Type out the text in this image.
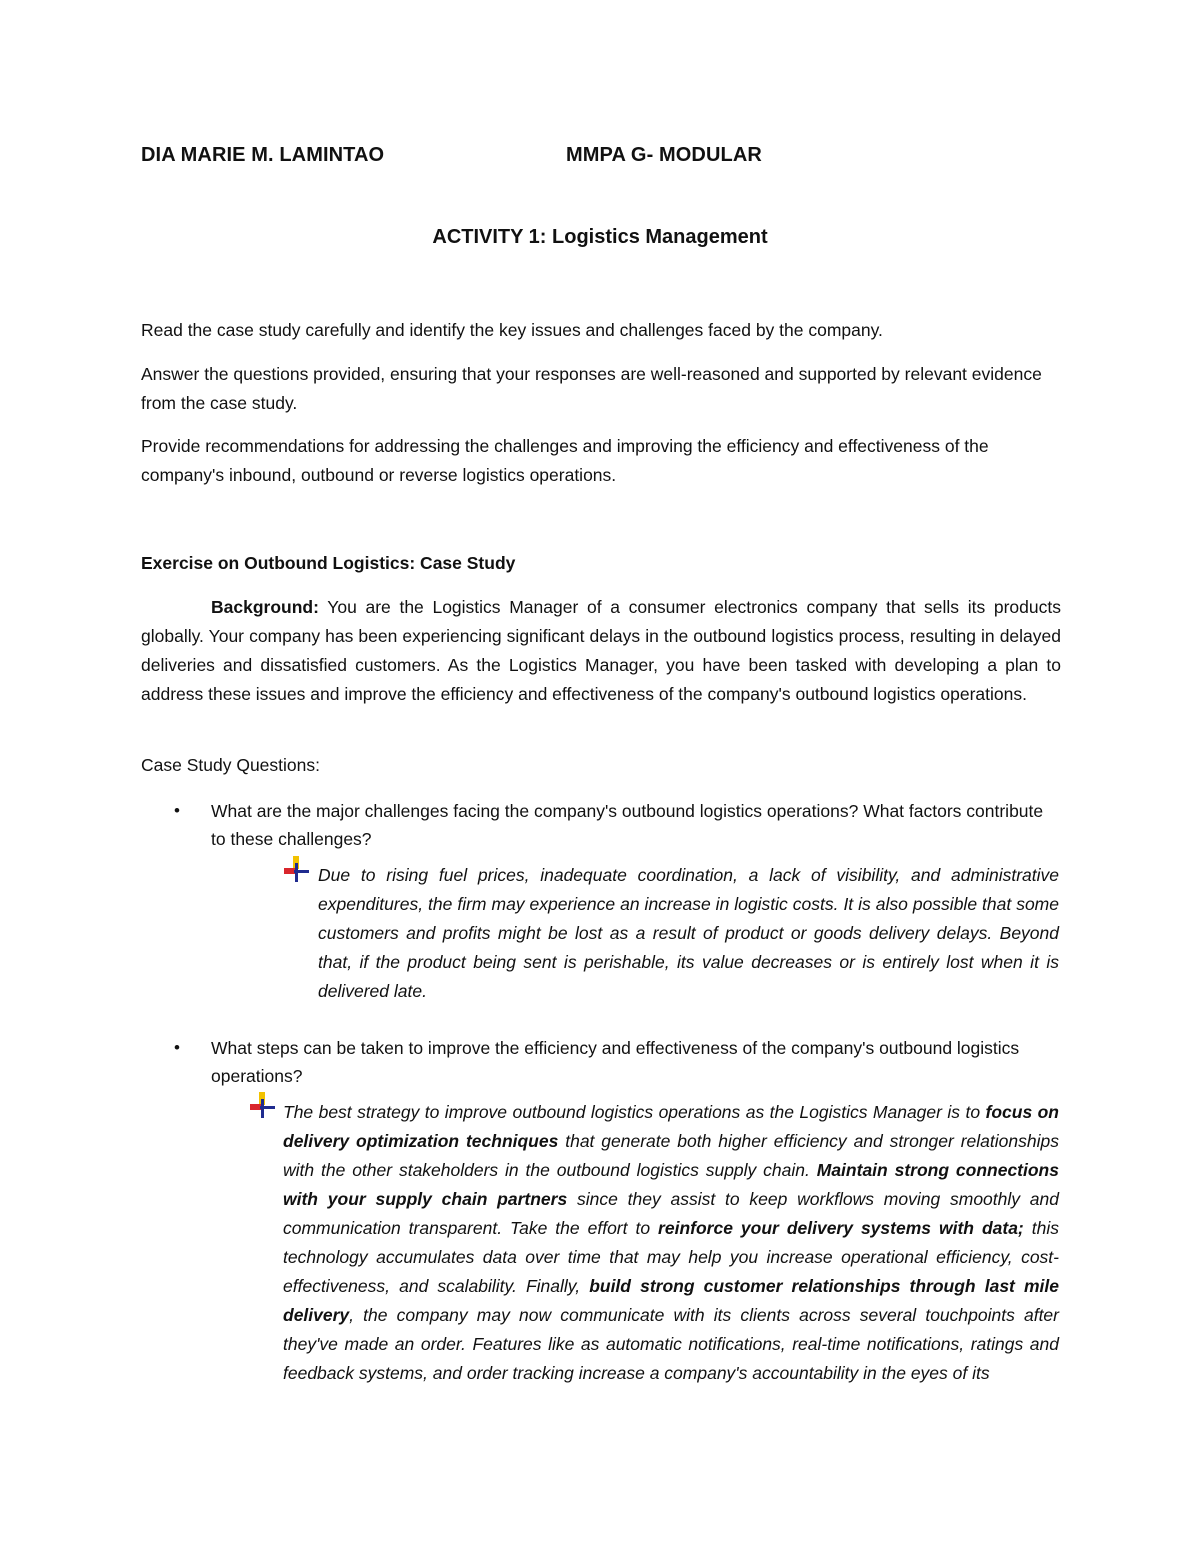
DIA MARIE M. LAMINTAO	MMPA G- MODULAR
ACTIVITY 1: Logistics Management
Read the case study carefully and identify the key issues and challenges faced by the company.
Answer the questions provided, ensuring that your responses are well-reasoned and supported by relevant evidence from the case study.
Provide recommendations for addressing the challenges and improving the efficiency and effectiveness of the company's inbound, outbound or reverse logistics operations.
Exercise on Outbound Logistics: Case Study
Background: You are the Logistics Manager of a consumer electronics company that sells its products globally. Your company has been experiencing significant delays in the outbound logistics process, resulting in delayed deliveries and dissatisfied customers. As the Logistics Manager, you have been tasked with developing a plan to address these issues and improve the efficiency and effectiveness of the company's outbound logistics operations.
Case Study Questions:
• What are the major challenges facing the company's outbound logistics operations? What factors contribute to these challenges?
Due to rising fuel prices, inadequate coordination, a lack of visibility, and administrative expenditures, the firm may experience an increase in logistic costs. It is also possible that some customers and profits might be lost as a result of product or goods delivery delays. Beyond that, if the product being sent is perishable, its value decreases or is entirely lost when it is delivered late.
• What steps can be taken to improve the efficiency and effectiveness of the company's outbound logistics operations?
The best strategy to improve outbound logistics operations as the Logistics Manager is to focus on delivery optimization techniques that generate both higher efficiency and stronger relationships with the other stakeholders in the outbound logistics supply chain. Maintain strong connections with your supply chain partners since they assist to keep workflows moving smoothly and communication transparent. Take the effort to reinforce your delivery systems with data; this technology accumulates data over time that may help you increase operational efficiency, cost-effectiveness, and scalability. Finally, build strong customer relationships through last mile delivery, the company may now communicate with its clients across several touchpoints after they've made an order. Features like as automatic notifications, real-time notifications, ratings and feedback systems, and order tracking increase a company's accountability in the eyes of its
